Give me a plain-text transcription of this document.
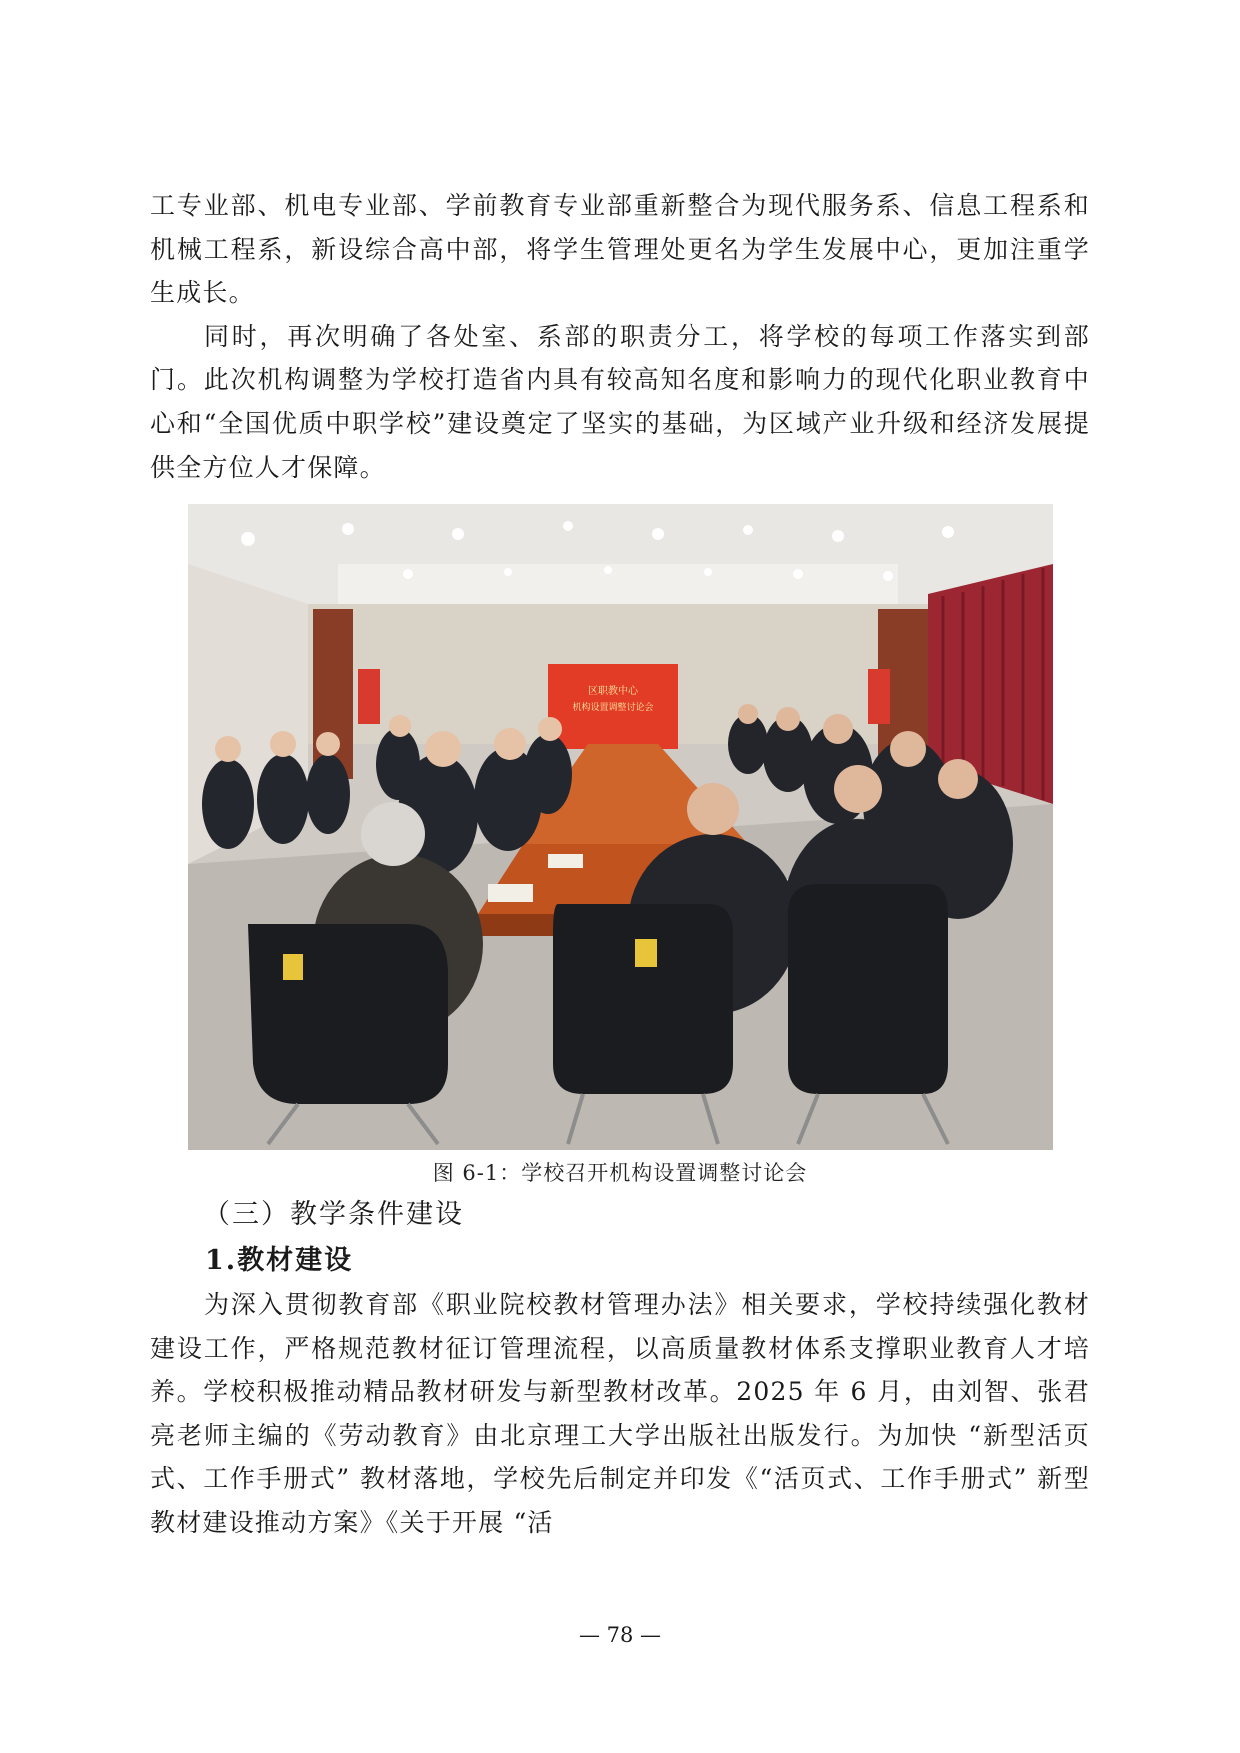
工专业部、机电专业部、学前教育专业部重新整合为现代服务系、信息工程系和机械工程系，新设综合高中部，将学生管理处更名为学生发展中心，更加注重学生成长。

同时，再次明确了各处室、系部的职责分工，将学校的每项工作落实到部门。此次机构调整为学校打造省内具有较高知名度和影响力的现代化职业教育中心和“全国优质中职学校”建设奠定了坚实的基础，为区域产业升级和经济发展提供全方位人才保障。

区职教中心
机构设置调整讨论会
图 6-1：学校召开机构设置调整讨论会
（三）教学条件建设
1.教材建设

为深入贯彻教育部《职业院校教材管理办法》相关要求，学校持续强化教材建设工作，严格规范教材征订管理流程，以高质量教材体系支撑职业教育人才培养。学校积极推动精品教材研发与新型教材改革。2025 年 6 月，由刘智、张君亮老师主编的《劳动教育》由北京理工大学出版社出版发行。为加快 “新型活页式、工作手册式” 教材落地，学校先后制定并印发《“活页式、工作手册式” 新型教材建设推动方案》《关于开展 “活

— 78 —
